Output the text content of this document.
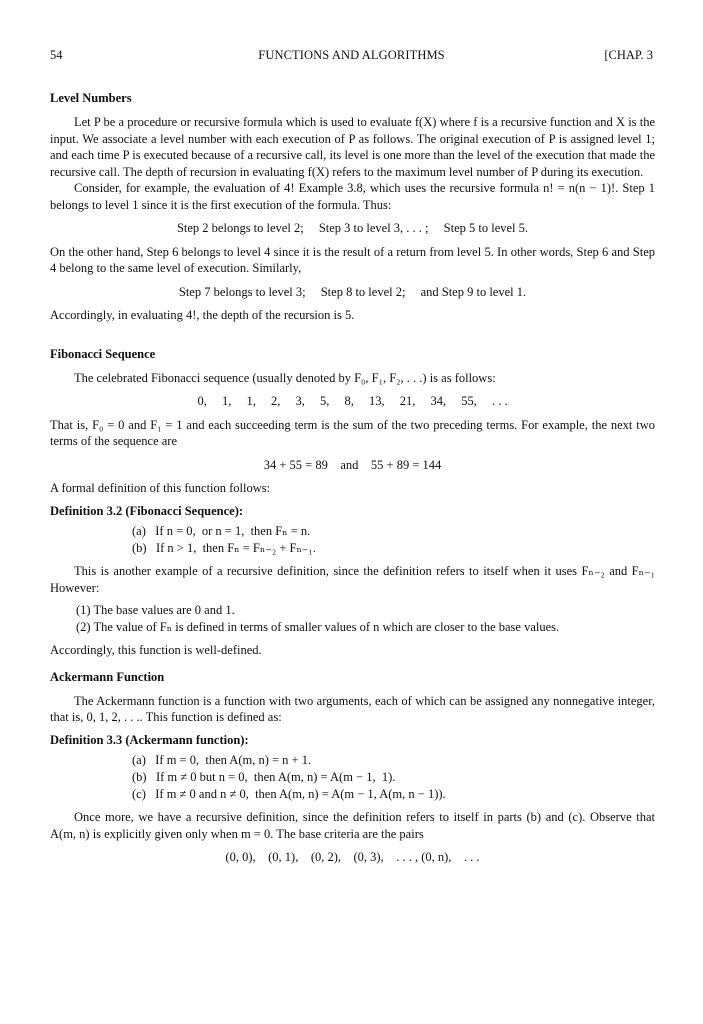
54	FUNCTIONS AND ALGORITHMS	[CHAP. 3
Level Numbers

Let P be a procedure or recursive formula which is used to evaluate f(X) where f is a recursive function and X is the input. We associate a level number with each execution of P as follows. The original execution of P is assigned level 1; and each time P is executed because of a recursive call, its level is one more than the level of the execution that made the recursive call. The depth of recursion in evaluating f(X) refers to the maximum level number of P during its execution.

Consider, for example, the evaluation of 4! Example 3.8, which uses the recursive formula n! = n(n − 1)!. Step 1 belongs to level 1 since it is the first execution of the formula. Thus:

Step 2 belongs to level 2; Step 3 to level 3, . . . ; Step 5 to level 5.

On the other hand, Step 6 belongs to level 4 since it is the result of a return from level 5. In other words, Step 6 and Step 4 belong to the same level of execution. Similarly,

Step 7 belongs to level 3; Step 8 to level 2; and Step 9 to level 1.

Accordingly, in evaluating 4!, the depth of the recursion is 5.

Fibonacci Sequence

The celebrated Fibonacci sequence (usually denoted by F₀, F₁, F₂, . . .) is as follows:

0, 1, 1, 2, 3, 5, 8, 13, 21, 34, 55, . . .

That is, F₀ = 0 and F₁ = 1 and each succeeding term is the sum of the two preceding terms. For example, the next two terms of the sequence are

34 + 55 = 89    and    55 + 89 = 144

A formal definition of this function follows:

Definition 3.2 (Fibonacci Sequence):
(a)   If n = 0,  or n = 1,  then Fₙ = n.
(b)   If n > 1,  then Fₙ = Fₙ₋₂ + Fₙ₋₁.

This is another example of a recursive definition, since the definition refers to itself when it uses Fₙ₋₂ and Fₙ₋₁ However:

(1) The base values are 0 and 1.
(2) The value of Fₙ is defined in terms of smaller values of n which are closer to the base values.

Accordingly, this function is well-defined.

Ackermann Function

The Ackermann function is a function with two arguments, each of which can be assigned any nonnegative integer, that is, 0, 1, 2, . . .. This function is defined as:

Definition 3.3 (Ackermann function):
(a)   If m = 0,  then A(m, n) = n + 1.
(b)   If m ≠ 0 but n = 0,  then A(m, n) = A(m − 1,  1).
(c)   If m ≠ 0 and n ≠ 0,  then A(m, n) = A(m − 1, A(m, n − 1)).

Once more, we have a recursive definition, since the definition refers to itself in parts (b) and (c). Observe that A(m, n) is explicitly given only when m = 0. The base criteria are the pairs

(0, 0),    (0, 1),    (0, 2),    (0, 3),    . . . , (0, n),    . . .
